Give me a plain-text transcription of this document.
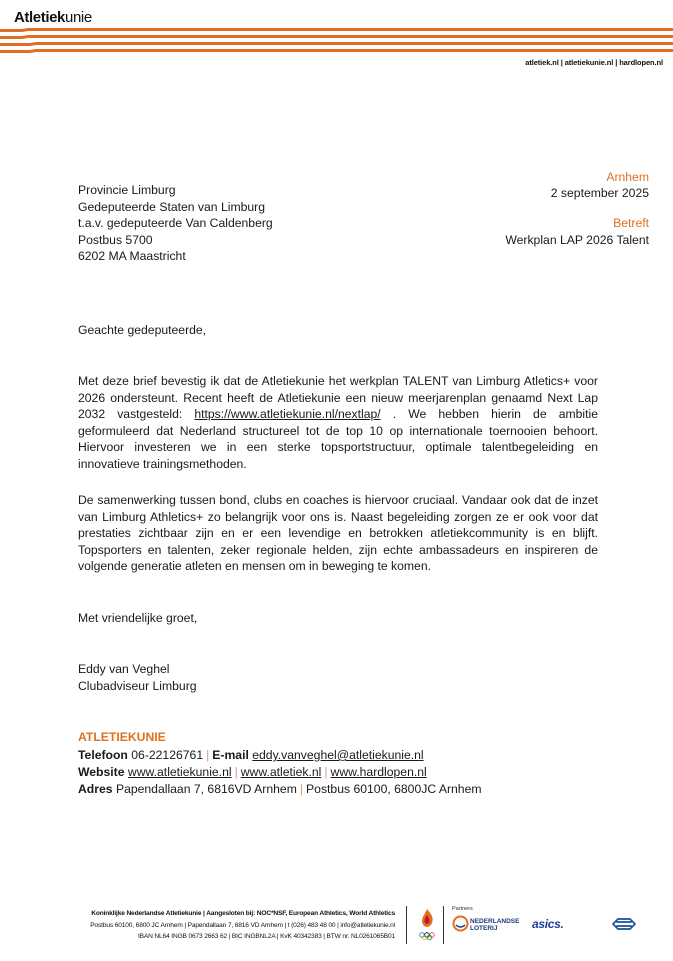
Atletiekunie
atletiek.nl | atletiekunie.nl | hardlopen.nl
Provincie Limburg
Gedeputeerde Staten van Limburg
t.a.v. gedeputeerde Van Caldenberg
Postbus 5700
6202 MA Maastricht
Arnhem
2 september 2025
Betreft
Werkplan LAP 2026 Talent
Geachte gedeputeerde,
Met deze brief bevestig ik dat de Atletiekunie het werkplan TALENT van Limburg Atletics+ voor 2026 ondersteunt. Recent heeft de Atletiekunie een nieuw meerjarenplan genaamd Next Lap 2032 vastgesteld: https://www.atletiekunie.nl/nextlap/ . We hebben hierin de ambitie geformuleerd dat Nederland structureel tot de top 10 op internationale toernooien behoort. Hiervoor investeren we in een sterke topsportstructuur, optimale talentbegeleiding en innovatieve trainingsmethoden.
De samenwerking tussen bond, clubs en coaches is hiervoor cruciaal. Vandaar ook dat de inzet van Limburg Athletics+ zo belangrijk voor ons is. Naast begeleiding zorgen ze er ook voor dat prestaties zichtbaar zijn en er een levendige en betrokken atletiekcommunity is en blijft. Topsporters en talenten, zeker regionale helden, zijn echte ambassadeurs en inspireren de volgende generatie atleten en mensen om in beweging te komen.
Met vriendelijke groet,
Eddy van Veghel
Clubadviseur Limburg
ATLETIEKUNIE
Telefoon 06-22126761 | E-mail eddy.vanveghel@atletiekunie.nl
Website www.atletiekunie.nl | www.atletiek.nl | www.hardlopen.nl
Adres Papendallaan 7, 6816VD Arnhem | Postbus 60100, 6800JC Arnhem
Koninklijke Nederlandse Atletiekunie | Aangesloten bij: NOC*NSF, European Athletics, World Athletics
Postbus 60100, 6800 JC Arnhem | Papendallaan 7, 6816 VD Arnhem | t (026) 483 48 00 | info@atletiekunie.nl
IBAN NL64 INGB 0673 2663 62 | BIC INGBNL2A | KvK 40342383 | BTW nr. NL0261065B01
Partners
NEDERLANDSE LOTERIJ	asics.
